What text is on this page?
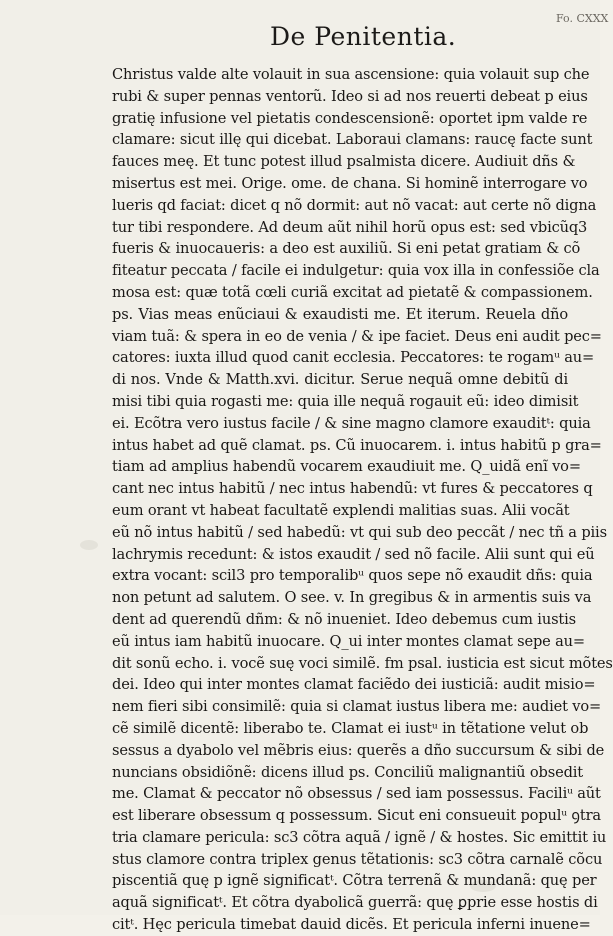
Fo. CXXX
De Penitentia.
Christus valde alte volauit in sua ascensione: quia volauit sup che
rubi & super pennas ventorũ. Ideo si ad nos reuerti debeat p eius
gratię infusione vel pietatis condescensionẽ: oportet ipm valde re
clamare: sicut illę qui dicebat. Laboraui clamans: raucę facte sunt
fauces meę. Et tunc potest illud psalmista dicere. Audiuit dñs &
misertus est mei. Orige. ome. de chana. Si hominẽ interrogare vo
lueris qd faciat: dicet q nõ dormit: aut nõ vacat: aut certe nõ digna
tur tibi respondere. Ad deum aũt nihil horũ opus est: sed vbicũq3
fueris & inuocaueris: a deo est auxiliũ. Si eni petat gratiam & cõ
fiteatur peccata / facile ei indulgetur: quia vox illa in confessiõe cla
mosa est: quæ totã cœli curiã excitat ad pietatẽ & compassionem.
ps. Vias meas enũciaui & exaudisti me. Et iterum. Reuela dño
viam tuã: & spera in eo de venia / & ipe faciet. Deus eni audit pec=
catores: iuxta illud quod canit ecclesia. Peccatores: te rogamᵘ au=
di nos. Vnde & Matth.xvi. dicitur. Serue nequã omne debitũ di
misi tibi quia rogasti me: quia ille nequã rogauit eũ: ideo dimisit
ei. Ecõtra vero iustus facile / & sine magno clamore exauditᵗ: quia
intus habet ad quẽ clamat. ps. Cũ inuocarem. i. intus habitũ p gra=
tiam ad amplius habendũ vocarem exaudiuit me. Q_uidã enĩ vo=
cant nec intus habitũ / nec intus habendũ: vt fures & peccatores q
eum orant vt habeat facultatẽ explendi malitias suas. Alii vocãt
eũ nõ intus habitũ / sed habedũ: vt qui sub deo peccãt / nec tñ a piis
lachrymis recedunt: & istos exaudit / sed nõ facile. Alii sunt qui eũ
extra vocant: scil3 pro temporalibᵘ quos sepe nõ exaudit dñs: quia
non petunt ad salutem. O see. v. In gregibus & in armentis suis va
dent ad querendũ dñm: & nõ inueniet. Ideo debemus cum iustis
eũ intus iam habitũ inuocare. Q_ui inter montes clamat sepe au=
dit sonũ echo. i. vocẽ suę voci similẽ. fm psal. iusticia est sicut mõtes
dei. Ideo qui inter montes clamat faciẽdo dei iusticiã: audit misio=
nem fieri sibi consimilẽ: quia si clamat iustus libera me: audiet vo=
cẽ similẽ dicentẽ: liberabo te. Clamat ei iustᵘ in tẽtatione velut ob
sessus a dyabolo vel mẽbris eius: querẽs a dño succursum & sibi de
nuncians obsidiõnẽ: dicens illud ps. Conciliũ malignantiũ obsedit
me. Clamat & peccator nõ obsessus / sed iam possessus. Faciliᵘ aũt
est liberare obsessum q possessum. Sicut eni consueuit populᵘ ꝯtra
tria clamare pericula: sc3 cõtra aquã / ignẽ / & hostes. Sic emittit iu
stus clamore contra triplex genus tẽtationis: sc3 cõtra carnalẽ cõcu
piscentiã quę p ignẽ significatᵗ. Cõtra terrenã & mundanã: quę per
aquã significatᵗ. Et cõtra dyabolicã guerrã: quę ꝑprie esse hostis di
citᵗ. Hęc pericula timebat dauid dicẽs. Et pericula inferni inuene=
